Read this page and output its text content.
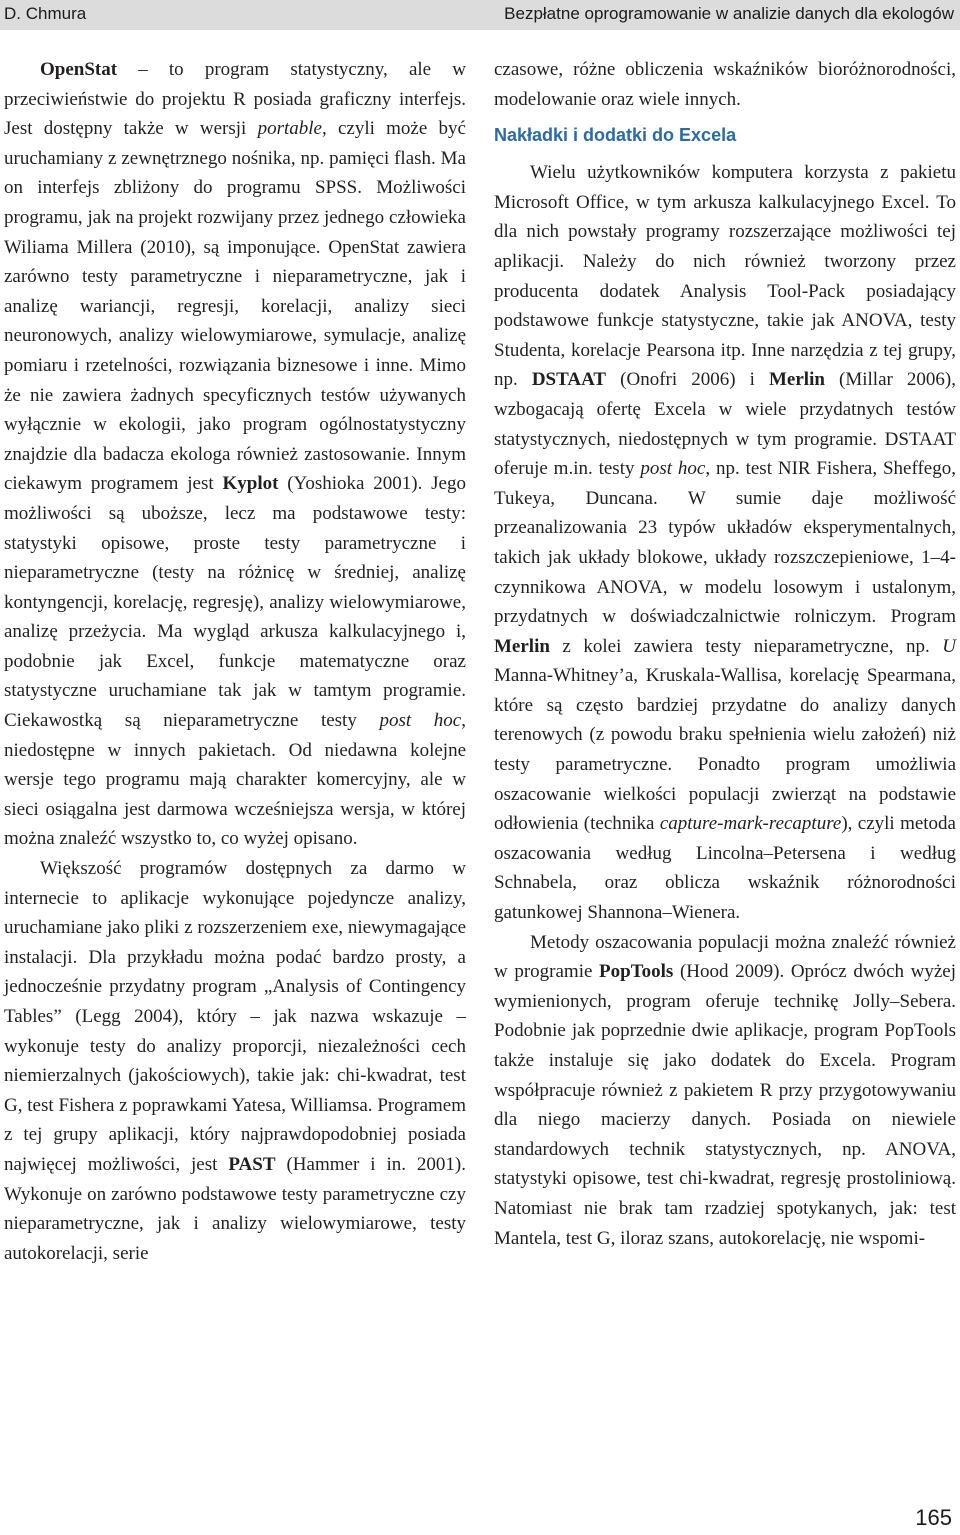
D. Chmura	Bezpłatne oprogramowanie w analizie danych dla ekologów

OpenStat – to program statystyczny, ale w przeciwieństwie do projektu R posiada graficzny interfejs. Jest dostępny także w wersji portable, czyli może być uruchamiany z zewnętrznego nośnika, np. pamięci flash. Ma on interfejs zbliżony do programu SPSS. Możliwości programu, jak na projekt rozwijany przez jednego człowieka Wiliama Millera (2010), są imponujące. OpenStat zawiera zarówno testy parametryczne i nieparametryczne, jak i analizę wariancji, regresji, korelacji, analizy sieci neuronowych, analizy wielowymiarowe, symulacje, analizę pomiaru i rzetelności, rozwiązania biznesowe i inne. Mimo że nie zawiera żadnych specyficznych testów używanych wyłącznie w ekologii, jako program ogólnostatystyczny znajdzie dla badacza ekologa również zastosowanie. Innym ciekawym programem jest Kyplot (Yoshioka 2001). Jego możliwości są uboższe, lecz ma podstawowe testy: statystyki opisowe, proste testy parametryczne i nieparametryczne (testy na różnicę w średniej, analizę kontyngencji, korelację, regresję), analizy wielowymiarowe, analizę przeżycia. Ma wygląd arkusza kalkulacyjnego i, podobnie jak Excel, funkcje matematyczne oraz statystyczne uruchamiane tak jak w tamtym programie. Ciekawostką są nieparametryczne testy post hoc, niedostępne w innych pakietach. Od niedawna kolejne wersje tego programu mają charakter komercyjny, ale w sieci osiągalna jest darmowa wcześniejsza wersja, w której można znaleźć wszystko to, co wyżej opisano.

Większość programów dostępnych za darmo w internecie to aplikacje wykonujące pojedyncze analizy, uruchamiane jako pliki z rozszerzeniem exe, niewymagające instalacji. Dla przykładu można podać bardzo prosty, a jednocześnie przydatny program „Analysis of Contingency Tables” (Legg 2004), który – jak nazwa wskazuje – wykonuje testy do analizy proporcji, niezależności cech niemierzalnych (jakościowych), takie jak: chi-kwadrat, test G, test Fishera z poprawkami Yatesa, Williamsa. Programem z tej grupy aplikacji, który najprawdopodobniej posiada najwięcej możliwości, jest PAST (Hammer i in. 2001). Wykonuje on zarówno podstawowe testy parametryczne czy nieparametryczne, jak i analizy wielowymiarowe, testy autokorelacji, serie

czasowe, różne obliczenia wskaźników bioróżnorodności, modelowanie oraz wiele innych.

Nakładki i dodatki do Excela

Wielu użytkowników komputera korzysta z pakietu Microsoft Office, w tym arkusza kalkulacyjnego Excel. To dla nich powstały programy rozszerzające możliwości tej aplikacji. Należy do nich również tworzony przez producenta dodatek Analysis Tool-Pack posiadający podstawowe funkcje statystyczne, takie jak ANOVA, testy Studenta, korelacje Pearsona itp. Inne narzędzia z tej grupy, np. DSTAAT (Onofri 2006) i Merlin (Millar 2006), wzbogacają ofertę Excela w wiele przydatnych testów statystycznych, niedostępnych w tym programie. DSTAAT oferuje m.in. testy post hoc, np. test NIR Fishera, Sheffego, Tukeya, Duncana. W sumie daje możliwość przeanalizowania 23 typów układów eksperymentalnych, takich jak układy blokowe, układy rozszczepieniowe, 1–4-czynnikowa ANOVA, w modelu losowym i ustalonym, przydatnych w doświadczalnictwie rolniczym. Program Merlin z kolei zawiera testy nieparametryczne, np. U Manna-Whitney’a, Kruskala-Wallisa, korelację Spearmana, które są często bardziej przydatne do analizy danych terenowych (z powodu braku spełnienia wielu założeń) niż testy parametryczne. Ponadto program umożliwia oszacowanie wielkości populacji zwierząt na podstawie odłowienia (technika capture-mark-recapture), czyli metoda oszacowania według Lincolna–Petersena i według Schnabela, oraz oblicza wskaźnik różnorodności gatunkowej Shannona–Wienera.

Metody oszacowania populacji można znaleźć również w programie PopTools (Hood 2009). Oprócz dwóch wyżej wymienionych, program oferuje technikę Jolly–Sebera. Podobnie jak poprzednie dwie aplikacje, program PopTools także instaluje się jako dodatek do Excela. Program współpracuje również z pakietem R przy przygotowywaniu dla niego macierzy danych. Posiada on niewiele standardowych technik statystycznych, np. ANOVA, statystyki opisowe, test chi-kwadrat, regresję prostoliniową. Natomiast nie brak tam rzadziej spotykanych, jak: test Mantela, test G, iloraz szans, autokorelację, nie wspomi-

165
